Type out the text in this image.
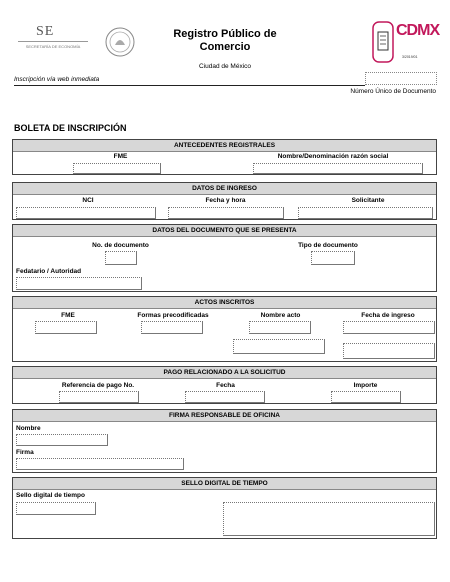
SE
SECRETARÍA DE ECONOMÍA
Registro Público de
Comercio
Ciudad de México
CDMX
3/2019/01
Inscripción vía web inmediata
Número Único de Documento
BOLETA DE INSCRIPCIÓN
ANTECEDENTES REGISTRALES
FME	Nombre/Denominación razón social
DATOS DE INGRESO
NCI	Fecha y hora	Solicitante
DATOS DEL DOCUMENTO QUE SE PRESENTA
No. de documento	Tipo de documento
Fedatario / Autoridad
ACTOS INSCRITOS
FME	Formas precodificadas	Nombre acto	Fecha de ingreso
PAGO RELACIONADO A LA SOLICITUD
Referencia de pago No.	Fecha	Importe
FIRMA RESPONSABLE DE OFICINA
Nombre
Firma
SELLO DIGITAL DE TIEMPO
Sello digital de tiempo
